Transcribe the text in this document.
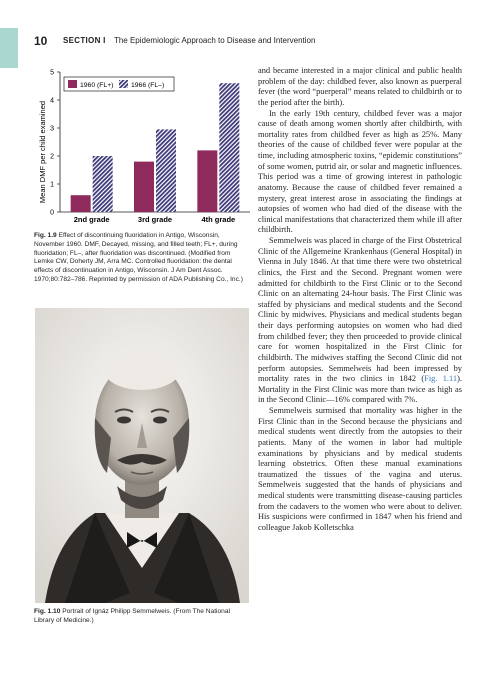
10 SECTION I The Epidemiologic Approach to Disease and Intervention
Mean DMF per child examined
0
1
2
3
4
5
2nd grade	3rd grade	4th grade
1960 (FL+)	1966 (FL–)
Fig. 1.9 Effect of discontinuing fluoridation in Antigo, Wisconsin, November 1960. DMF, Decayed, missing, and filled teeth; FL+, during fluoridation; FL–, after fluoridation was discontinued. (Modified from Lemke CW, Doherty JM, Arra MC. Controlled fluoridation: the dental effects of discontinuation in Antigo, Wisconsin. J Am Dent Assoc. 1970;80:782–786. Reprinted by permission of ADA Publishing Co., Inc.)
Fig. 1.10 Portrait of Ignáz Philipp Semmelweis. (From The National Library of Medicine.)

and became interested in a major clinical and public health problem of the day: childbed fever, also known as puerperal fever (the word “puerperal” means related to childbirth or to the period after the birth).

In the early 19th century, childbed fever was a major cause of death among women shortly after childbirth, with mortality rates from childbed fever as high as 25%. Many theories of the cause of childbed fever were popular at the time, including atmospheric toxins, “epidemic constitutions” of some women, putrid air, or solar and magnetic influences. This period was a time of growing interest in pathologic anatomy. Because the cause of childbed fever remained a mystery, great interest arose in associating the findings at autopsies of women who had died of the disease with the clinical manifestations that characterized them while ill after childbirth.

Semmelweis was placed in charge of the First Obstetrical Clinic of the Allgemeine Krankenhaus (General Hospital) in Vienna in July 1846. At that time there were two obstetrical clinics, the First and the Second. Pregnant women were admitted for childbirth to the First Clinic or to the Second Clinic on an alternating 24-hour basis. The First Clinic was staffed by physicians and medical students and the Second Clinic by midwives. Physicians and medical students began their days performing autopsies on women who had died from childbed fever; they then proceeded to provide clinical care for women hospitalized in the First Clinic for childbirth. The midwives staffing the Second Clinic did not perform autopsies. Semmelweis had been impressed by mortality rates in the two clinics in 1842 (Fig. 1.11). Mortality in the First Clinic was more than twice as high as in the Second Clinic—16% compared with 7%.

Semmelweis surmised that mortality was higher in the First Clinic than in the Second because the physicians and medical students went directly from the autopsies to their patients. Many of the women in labor had multiple examinations by physicians and by medical students learning obstetrics. Often these manual examinations traumatized the tissues of the vagina and uterus. Semmelweis suggested that the hands of physicians and medical students were transmitting disease-causing particles from the cadavers to the women who were about to deliver. His suspicions were confirmed in 1847 when his friend and colleague Jakob Kolletschka
